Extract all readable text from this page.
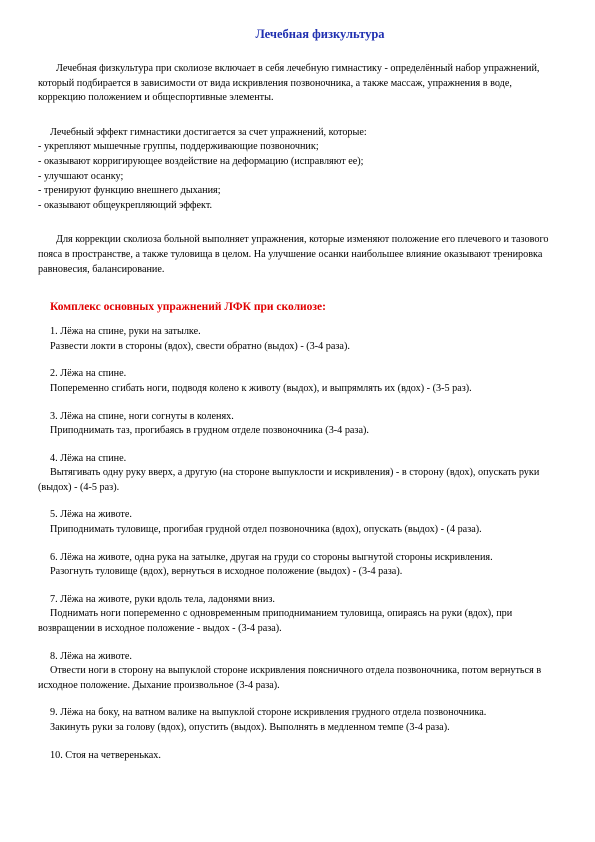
Лечебная физкультура

Лечебная физкультура при сколиозе включает в себя лечебную гимнастику - определённый набор упражнений, который подбирается в зависимости от вида искривления позвоночника, а также массаж, упражнения в воде, коррекцию положением и общеспортивные элементы.

Лечебный эффект гимнастики достигается за счет упражнений, которые:

- укрепляют мышечные группы, поддерживающие позвоночник;

- оказывают корригирующее воздействие на деформацию (исправляют ее);

- улучшают осанку;

- тренируют функцию внешнего дыхания;

- оказывают общеукрепляющий эффект.

Для коррекции сколиоза больной выполняет упражнения, которые изменяют положение его плечевого и тазового пояса в пространстве, а также туловища в целом. На улучшение осанки наибольшее влияние оказывают тренировка равновесия, балансирование.

Комплекс основных упражнений ЛФК при сколиозе:

1. Лёжа на спине, руки на затылке.

Развести локти в стороны (вдох), свести обратно (выдох) - (3-4 раза).

2. Лёжа на спине.

Попеременно сгибать ноги, подводя колено к животу (выдох), и выпрямлять их (вдох) - (3-5 раз).

3. Лёжа на спине, ноги согнуты в коленях.

Приподнимать таз, прогибаясь в грудном отделе позвоночника (3-4 раза).

4. Лёжа на спине.

Вытягивать одну руку вверх, а другую (на стороне выпуклости и искривления) - в сторону (вдох), опускать руки (выдох) - (4-5 раз).

5. Лёжа на животе.

Приподнимать туловище, прогибая грудной отдел позвоночника (вдох), опускать (выдох) - (4 раза).

6. Лёжа на животе, одна рука на затылке, другая на груди со стороны выгнутой стороны искривления.

Разогнуть туловище (вдох), вернуться в исходное положение (выдох) - (3-4 раза).

7. Лёжа на животе, руки вдоль тела, ладонями вниз.

Поднимать ноги попеременно с одновременным приподниманием туловища, опираясь на руки (вдох), при возвращении в исходное положение - выдох - (3-4 раза).

8. Лёжа на животе.

Отвести ноги в сторону на выпуклой стороне искривления поясничного отдела позвоночника, потом вернуться в исходное положение. Дыхание произвольное (3-4 раза).

9. Лёжа на боку, на ватном валике на выпуклой стороне искривления грудного отдела позвоночника.

Закинуть руки за голову (вдох), опустить (выдох). Выполнять в медленном темпе (3-4 раза).

10. Стоя на четвереньках.
